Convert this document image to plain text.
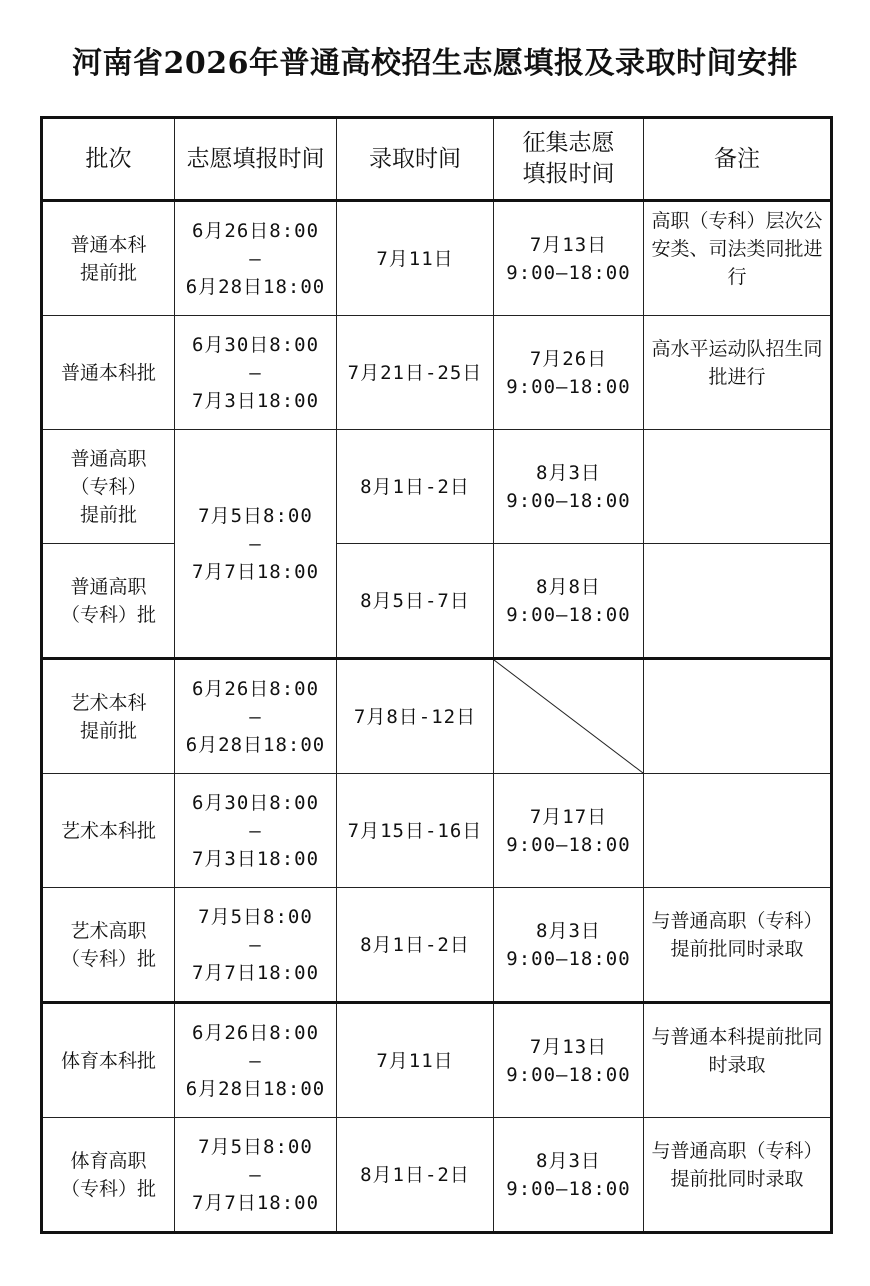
河南省2026年普通高校招生志愿填报及录取时间安排
批次	志愿填报时间	录取时间	征集志愿
填报时间	备注

普通本科
提前批	6月26日8:00
—
6月28日18:00	7月11日	7月13日
9:00—18:00	高职（专科）层次公安类、司法类同批进行

普通本科批	6月30日8:00
—
7月3日18:00	7月21日-25日	7月26日
9:00—18:00	高水平运动队招生同批进行

普通高职
（专科）
提前批	7月5日8:00
—
7月7日18:00	8月1日-2日	8月3日
9:00—18:00	

普通高职
（专科）批		8月5日-7日	8月8日
9:00—18:00	

艺术本科
提前批	6月26日8:00
—
6月28日18:00	7月8日-12日	

艺术本科批	6月30日8:00
—
7月3日18:00	7月15日-16日	7月17日
9:00—18:00	

艺术高职
（专科）批	7月5日8:00
—
7月7日18:00	8月1日-2日	8月3日
9:00—18:00	与普通高职（专科）提前批同时录取

体育本科批	6月26日8:00
—
6月28日18:00	7月11日	7月13日
9:00—18:00	与普通本科提前批同时录取

体育高职
（专科）批	7月5日8:00
—
7月7日18:00	8月1日-2日	8月3日
9:00—18:00	与普通高职（专科）提前批同时录取
